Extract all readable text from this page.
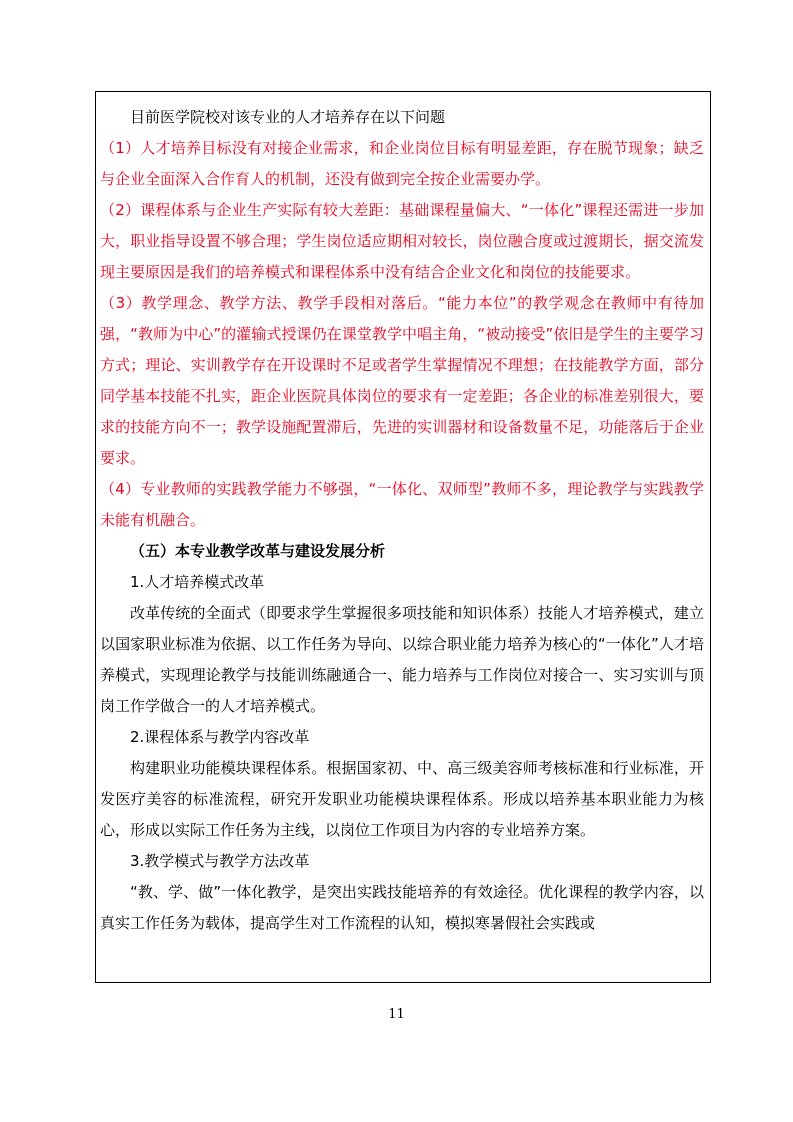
目前医学院校对该专业的人才培养存在以下问题

（1）人才培养目标没有对接企业需求，和企业岗位目标有明显差距，存在脱节现象；缺乏与企业全面深入合作育人的机制，还没有做到完全按企业需要办学。

（2）课程体系与企业生产实际有较大差距：基础课程量偏大、“一体化”课程还需进一步加大，职业指导设置不够合理；学生岗位适应期相对较长，岗位融合度或过渡期长，据交流发现主要原因是我们的培养模式和课程体系中没有结合企业文化和岗位的技能要求。

（3）教学理念、教学方法、教学手段相对落后。“能力本位”的教学观念在教师中有待加强，“教师为中心”的灌输式授课仍在课堂教学中唱主角，“被动接受”依旧是学生的主要学习方式；理论、实训教学存在开设课时不足或者学生掌握情况不理想；在技能教学方面，部分同学基本技能不扎实，距企业医院具体岗位的要求有一定差距；各企业的标准差别很大，要求的技能方向不一；教学设施配置滞后，先进的实训器材和设备数量不足，功能落后于企业要求。

（4）专业教师的实践教学能力不够强，“一体化、双师型”教师不多，理论教学与实践教学未能有机融合。

（五）本专业教学改革与建设发展分析

1.人才培养模式改革

改革传统的全面式（即要求学生掌握很多项技能和知识体系）技能人才培养模式，建立以国家职业标准为依据、以工作任务为导向、以综合职业能力培养为核心的“一体化”人才培养模式，实现理论教学与技能训练融通合一、能力培养与工作岗位对接合一、实习实训与顶岗工作学做合一的人才培养模式。

2.课程体系与教学内容改革

构建职业功能模块课程体系。根据国家初、中、高三级美容师考核标准和行业标准，开发医疗美容的标准流程，研究开发职业功能模块课程体系。形成以培养基本职业能力为核心，形成以实际工作任务为主线，以岗位工作项目为内容的专业培养方案。

3.教学模式与教学方法改革

“教、学、做”一体化教学，是突出实践技能培养的有效途径。优化课程的教学内容，以真实工作任务为载体，提高学生对工作流程的认知，模拟寒暑假社会实践或

11
